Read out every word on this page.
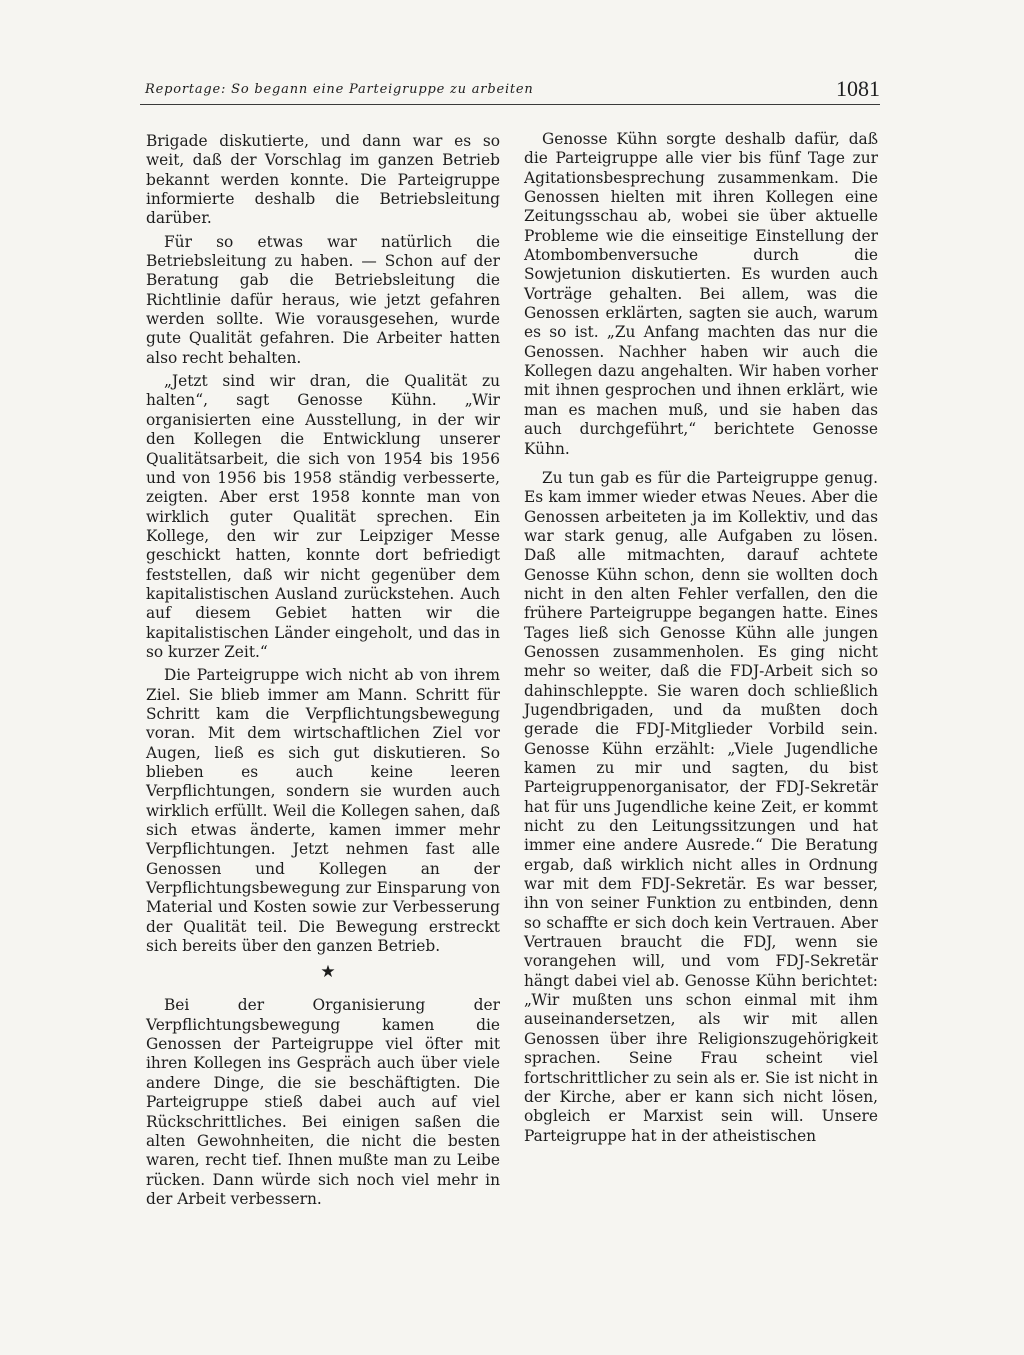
Reportage: So begann eine Parteigruppe zu arbeiten	1081

Brigade diskutierte, und dann war es so weit, daß der Vorschlag im ganzen Betrieb bekannt werden konnte. Die Parteigruppe informierte deshalb die Betriebsleitung darüber.

Für so etwas war natürlich die Betriebsleitung zu haben. — Schon auf der Beratung gab die Betriebsleitung die Richtlinie dafür heraus, wie jetzt gefahren werden sollte. Wie vorausgesehen, wurde gute Qualität gefahren. Die Arbeiter hatten also recht behalten.

„Jetzt sind wir dran, die Qualität zu halten“, sagt Genosse Kühn. „Wir organisierten eine Ausstellung, in der wir den Kollegen die Entwicklung unserer Qualitätsarbeit, die sich von 1954 bis 1956 und von 1956 bis 1958 ständig verbesserte, zeigten. Aber erst 1958 konnte man von wirklich guter Qualität sprechen. Ein Kollege, den wir zur Leipziger Messe geschickt hatten, konnte dort befriedigt feststellen, daß wir nicht gegenüber dem kapitalistischen Ausland zurückstehen. Auch auf diesem Gebiet hatten wir die kapitalistischen Länder eingeholt, und das in so kurzer Zeit.“

Die Parteigruppe wich nicht ab von ihrem Ziel. Sie blieb immer am Mann. Schritt für Schritt kam die Verpflichtungsbewegung voran. Mit dem wirtschaftlichen Ziel vor Augen, ließ es sich gut diskutieren. So blieben es auch keine leeren Verpflichtungen, sondern sie wurden auch wirklich erfüllt. Weil die Kollegen sahen, daß sich etwas änderte, kamen immer mehr Verpflichtungen. Jetzt nehmen fast alle Genossen und Kollegen an der Verpflichtungsbewegung zur Einsparung von Material und Kosten sowie zur Verbesserung der Qualität teil. Die Bewegung erstreckt sich bereits über den ganzen Betrieb.

★

Bei der Organisierung der Verpflichtungsbewegung kamen die Genossen der Parteigruppe viel öfter mit ihren Kollegen ins Gespräch auch über viele andere Dinge, die sie beschäftigten. Die Parteigruppe stieß dabei auch auf viel Rückschrittliches. Bei einigen saßen die alten Gewohnheiten, die nicht die besten waren, recht tief. Ihnen mußte man zu Leibe rücken. Dann würde sich noch viel mehr in der Arbeit verbessern.

Genosse Kühn sorgte deshalb dafür, daß die Parteigruppe alle vier bis fünf Tage zur Agitationsbesprechung zusammenkam. Die Genossen hielten mit ihren Kollegen eine Zeitungsschau ab, wobei sie über aktuelle Probleme wie die einseitige Einstellung der Atombombenversuche durch die Sowjetunion diskutierten. Es wurden auch Vorträge gehalten. Bei allem, was die Genossen erklärten, sagten sie auch, warum es so ist. „Zu Anfang machten das nur die Genossen. Nachher haben wir auch die Kollegen dazu angehalten. Wir haben vorher mit ihnen gesprochen und ihnen erklärt, wie man es machen muß, und sie haben das auch durchgeführt,“ berichtete Genosse Kühn.

Zu tun gab es für die Parteigruppe genug. Es kam immer wieder etwas Neues. Aber die Genossen arbeiteten ja im Kollektiv, und das war stark genug, alle Aufgaben zu lösen. Daß alle mitmachten, darauf achtete Genosse Kühn schon, denn sie wollten doch nicht in den alten Fehler verfallen, den die frühere Parteigruppe begangen hatte. Eines Tages ließ sich Genosse Kühn alle jungen Genossen zusammenholen. Es ging nicht mehr so weiter, daß die FDJ-Arbeit sich so dahinschleppte. Sie waren doch schließlich Jugendbrigaden, und da mußten doch gerade die FDJ-Mitglieder Vorbild sein. Genosse Kühn erzählt: „Viele Jugendliche kamen zu mir und sagten, du bist Parteigruppenorganisator, der FDJ-Sekretär hat für uns Jugendliche keine Zeit, er kommt nicht zu den Leitungssitzungen und hat immer eine andere Ausrede.“ Die Beratung ergab, daß wirklich nicht alles in Ordnung war mit dem FDJ-Sekretär. Es war besser, ihn von seiner Funktion zu entbinden, denn so schaffte er sich doch kein Vertrauen. Aber Vertrauen braucht die FDJ, wenn sie vorangehen will, und vom FDJ-Sekretär hängt dabei viel ab. Genosse Kühn berichtet: „Wir mußten uns schon einmal mit ihm auseinandersetzen, als wir mit allen Genossen über ihre Religionszugehörigkeit sprachen. Seine Frau scheint viel fortschrittlicher zu sein als er. Sie ist nicht in der Kirche, aber er kann sich nicht lösen, obgleich er Marxist sein will. Unsere Parteigruppe hat in der atheistischen
